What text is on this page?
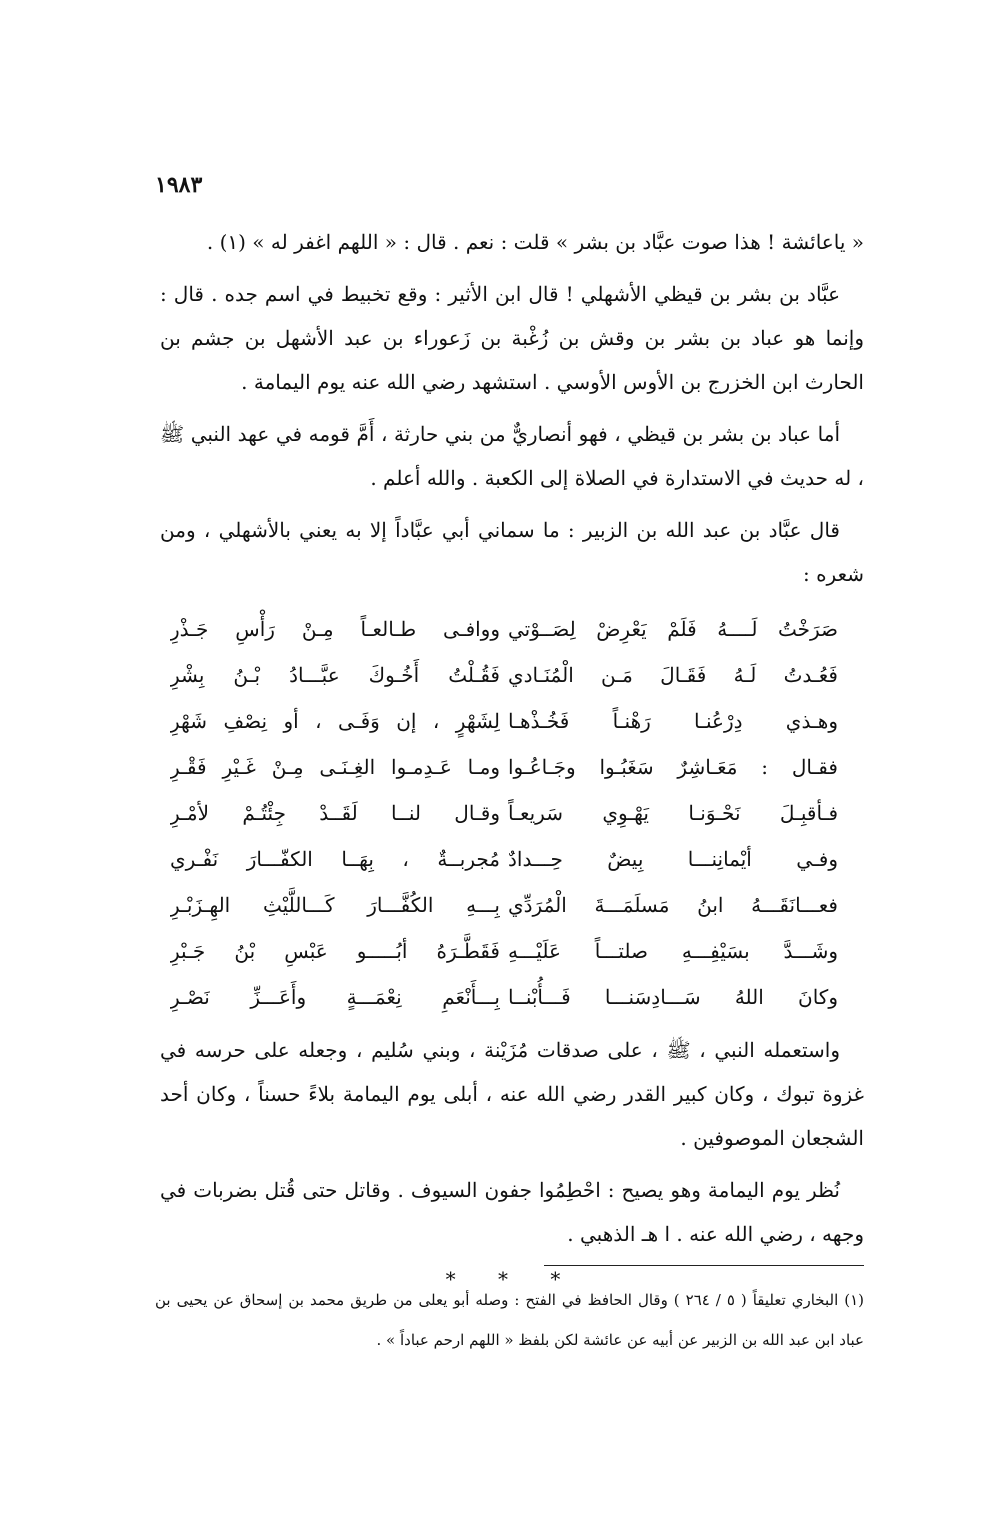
١٩٨٣

« ياعائشة ! هذا صوت عبَّاد بن بشر » قلت : نعم . قال : « اللهم اغفر له » (١) .

عبَّاد بن بشر بن قيظي الأشهلي ! قال ابن الأثير : وقع تخبيط في اسم جده . قال : وإنما هو عباد بن بشر بن وقش بن زُغْبة بن زَعوراء بن عبد الأشهل بن جشم بن الحارث ابن الخزرج بن الأوس الأوسي . استشهد رضي الله عنه يوم اليمامة .

أما عباد بن بشر بن قيظي ، فهو أنصاريٌّ من بني حارثة ، أَمَّ قومه في عهد النبي ﷺ ، له حديث في الاستدارة في الصلاة إلى الكعبة . والله أعلم .

قال عبَّاد بن عبد الله بن الزبير : ما سماني أبي عبَّاداً إلا به يعني بالأشهلي ، ومن شعره :

صَرَخْتُ لَــــهُ فَلَمْ يَعْرِضْ لِصَــوْتي
ووافـى طـالعـاً مِـنْ رَأْسِ جَـذْرِ
فَعُـدتُ لَـهُ فَقَـالَ مَـن الْمُنَـادي
فَقُـلْتُ أَخُـوكَ عبَّـــادُ بْـنُ بِشْرِ
وهـذي دِرْعُنـا رَهْنـاً فَخُـذْهـا
لِشَهْرٍ ، إن وَفَـى ، أو نِصْفِ شَهْرِ
فقـال : مَعَـاشِرٌ سَغَبُـوا وجَـاعُـوا
ومـا عَـدِمـوا الغِـنَـى مِـنْ غَـيْرِ فَقْـرِ
فـأقبِـلَ نَحْـوَنـا يَهْـوِي سَريعـاً
وقـال لنــا لَقَــدْ جِئْتُـمْ لأمْـرِ
وفـي أيْمانِنـــا بِيضٌ حِـــدادٌ
مُجربــةٌ ، بِهَــا الكفّـــارَ نَفْـري
فعـــانَقَـــهُ ابنُ مَسلَمَـــةَ الْمُرَدِّي
بِـــهِ الكُفَّـــارَ كَـــاللَّيْثِ الهِـزَبْـرِ
وشَـــدَّ بسَيْفِـــهِ صلتـــاً عَلَيْـــهِ
فَقَطَّـرَهُ أبُـــــو عَبْسِ بْنُ جَـبْرِ
وكانَ اللهُ سَـــادِسَنـــا فَـــأُبْنــا
بِـــأَنْعَمِ نِعْمَـــةٍ وأَعَـــزِّ نَصْـرِ

واستعمله النبي ، ﷺ ، على صدقات مُزَيْنة ، وبني سُليم ، وجعله على حرسه في غزوة تبوك ، وكان كبير القدر رضي الله عنه ، أبلى يوم اليمامة بلاءً حسناً ، وكان أحد الشجعان الموصوفين .

نُظر يوم اليمامة وهو يصيح : احْطِمُوا جفون السيوف . وقاتل حتى قُتل بضربات في وجهه ، رضي الله عنه . ا هـ الذهبي .

* * *

(١) البخاري تعليقاً ( ٥ / ٢٦٤ ) وقال الحافظ في الفتح : وصله أبو يعلى من طريق محمد بن إسحاق عن يحيى بن عباد ابن عبد الله بن الزبير عن أبيه عن عائشة لكن بلفظ « اللهم ارحم عباداً » .
